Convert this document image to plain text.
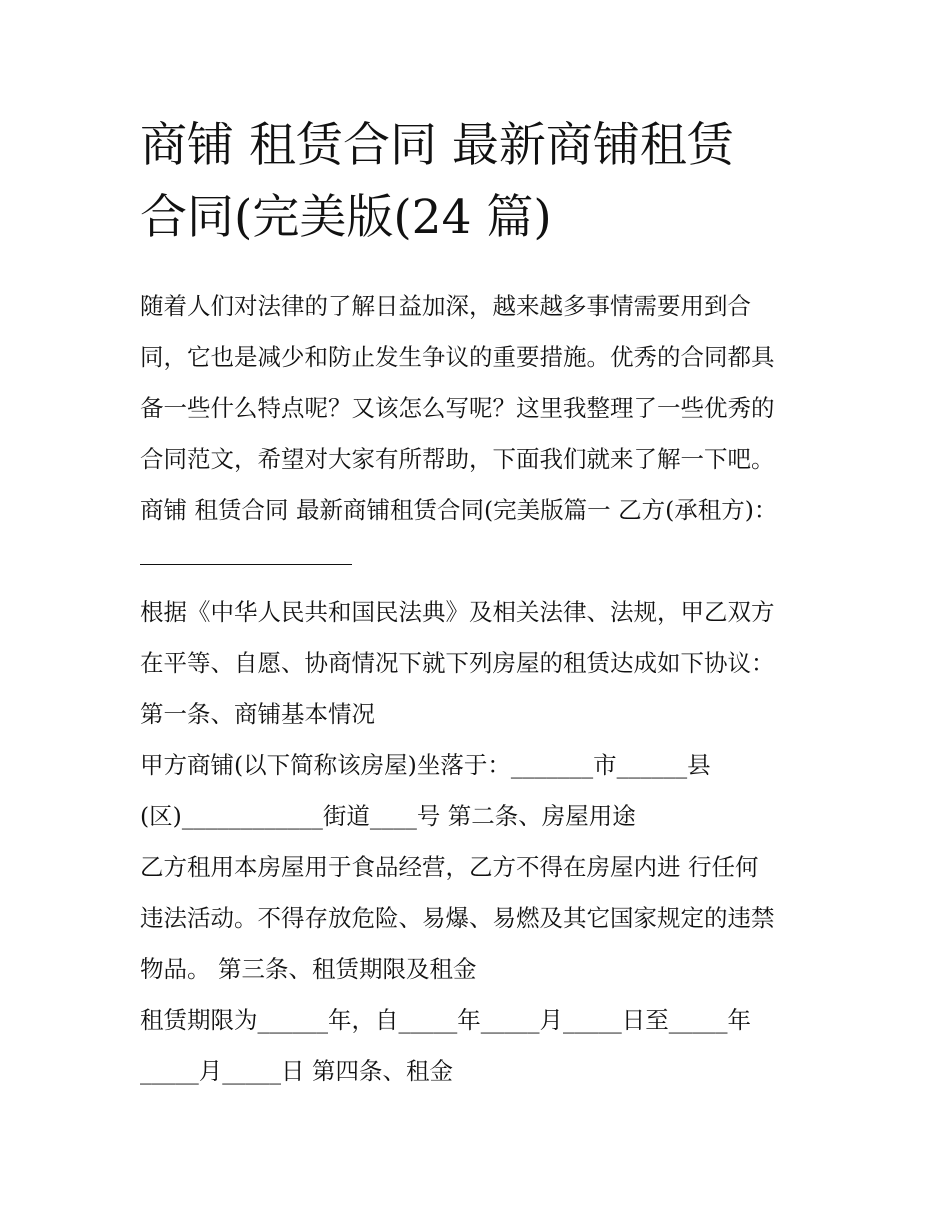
商铺 租赁合同 最新商铺租赁
合同(完美版(24 篇)
随着人们对法律的了解日益加深，越来越多事情需要用到合
同，它也是减少和防止发生争议的重要措施。优秀的合同都具
备一些什么特点呢？又该怎么写呢？这里我整理了一些优秀的
合同范文，希望对大家有所帮助，下面我们就来了解一下吧。
商铺 租赁合同 最新商铺租赁合同(完美版篇一 乙方(承租方)：
根据《中华人民共和国民法典》及相关法律、法规，甲乙双方
在平等、自愿、协商情况下就下列房屋的租赁达成如下协议：
第一条、商铺基本情况
甲方商铺(以下简称该房屋)坐落于：_______市______县
(区)____________街道____号 第二条、房屋用途
乙方租用本房屋用于食品经营，乙方不得在房屋内进 行任何
违法活动。不得存放危险、易爆、易燃及其它国家规定的违禁
物品。 第三条、租赁期限及租金
租赁期限为______年，自_____年_____月_____日至_____年
_____月_____日 第四条、租金
